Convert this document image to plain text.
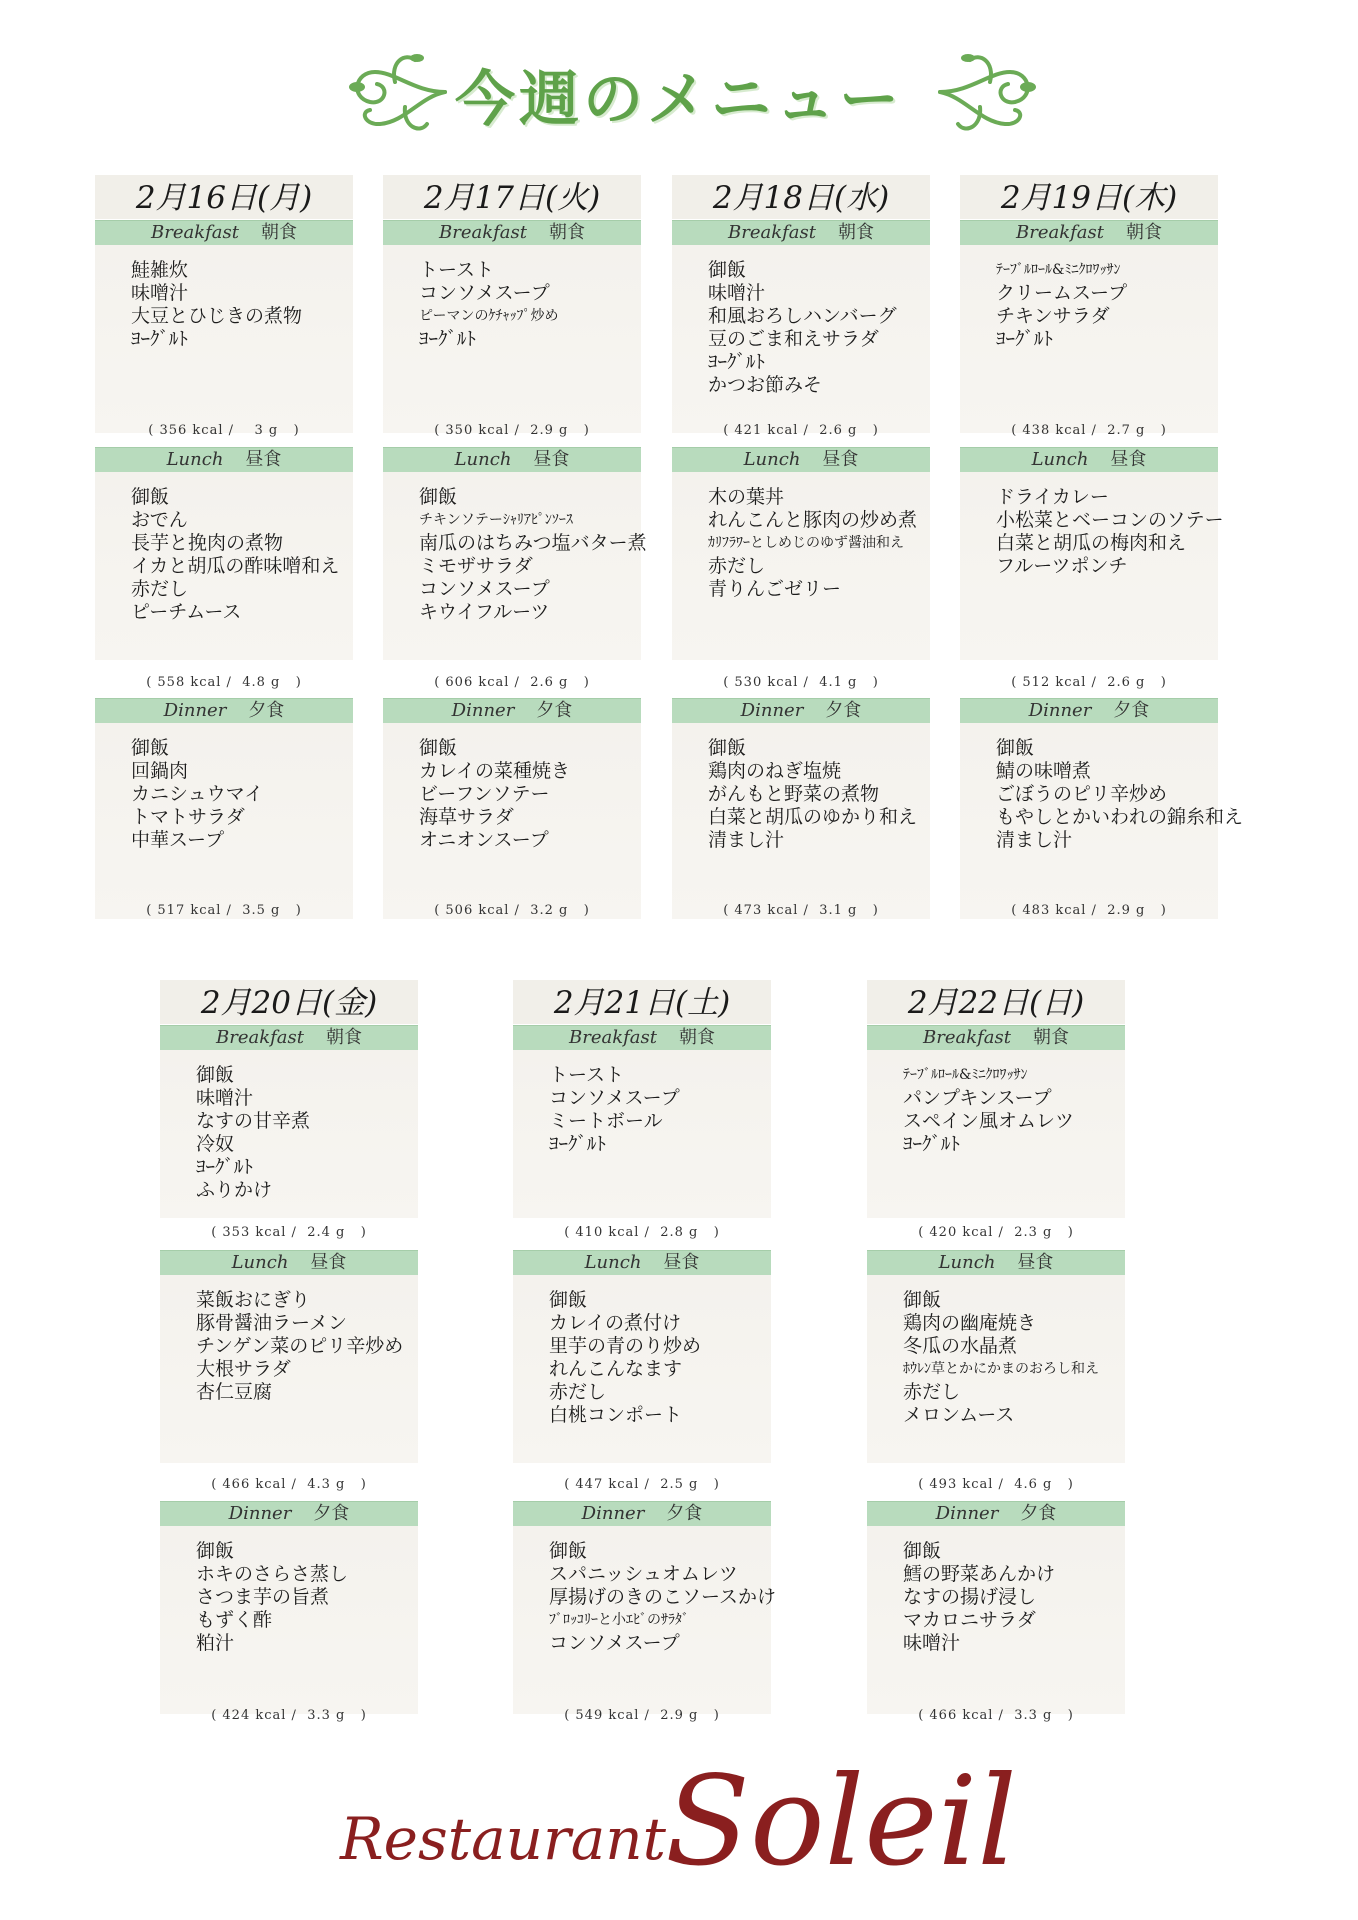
今週のメニュー
2月16日(月)
Breakfast 朝食
鮭雑炊
味噌汁
大豆とひじきの煮物
ﾖｰｸﾞﾙﾄ
( 356 kcal /    3 g   )
Lunch 昼食
御飯
おでん
長芋と挽肉の煮物
イカと胡瓜の酢味噌和え
赤だし
ピーチムース
( 558 kcal /  4.8 g   )
Dinner 夕食
御飯
回鍋肉
カニシュウマイ
トマトサラダ
中華スープ
( 517 kcal /  3.5 g   )
2月17日(火)
Breakfast 朝食
トースト
コンソメスープ
ピーマンのｹﾁｬｯﾌﾟ炒め
ﾖｰｸﾞﾙﾄ
( 350 kcal /  2.9 g   )
Lunch 昼食
御飯
チキンソテーｼｬﾘｱﾋﾟﾝｿｰｽ
南瓜のはちみつ塩バター煮
ミモザサラダ
コンソメスープ
キウイフルーツ
( 606 kcal /  2.6 g   )
Dinner 夕食
御飯
カレイの菜種焼き
ビーフンソテー
海草サラダ
オニオンスープ
( 506 kcal /  3.2 g   )
2月18日(水)
Breakfast 朝食
御飯
味噌汁
和風おろしハンバーグ
豆のごま和えサラダ
ﾖｰｸﾞﾙﾄ
かつお節みそ
( 421 kcal /  2.6 g   )
Lunch 昼食
木の葉丼
れんこんと豚肉の炒め煮
ｶﾘﾌﾗﾜｰとしめじのゆず醤油和え
赤だし
青りんごゼリー
( 530 kcal /  4.1 g   )
Dinner 夕食
御飯
鶏肉のねぎ塩焼
がんもと野菜の煮物
白菜と胡瓜のゆかり和え
清まし汁
( 473 kcal /  3.1 g   )
2月19日(木)
Breakfast 朝食
ﾃｰﾌﾞﾙﾛｰﾙ&ﾐﾆｸﾛﾜｯｻﾝ
クリームスープ
チキンサラダ
ﾖｰｸﾞﾙﾄ
( 438 kcal /  2.7 g   )
Lunch 昼食
ドライカレー
小松菜とベーコンのソテー
白菜と胡瓜の梅肉和え
フルーツポンチ
( 512 kcal /  2.6 g   )
Dinner 夕食
御飯
鯖の味噌煮
ごぼうのピリ辛炒め
もやしとかいわれの錦糸和え
清まし汁
( 483 kcal /  2.9 g   )
2月20日(金)
Breakfast 朝食
御飯
味噌汁
なすの甘辛煮
冷奴
ﾖｰｸﾞﾙﾄ
ふりかけ
( 353 kcal /  2.4 g   )
Lunch 昼食
菜飯おにぎり
豚骨醤油ラーメン
チンゲン菜のピリ辛炒め
大根サラダ
杏仁豆腐
( 466 kcal /  4.3 g   )
Dinner 夕食
御飯
ホキのさらさ蒸し
さつま芋の旨煮
もずく酢
粕汁
( 424 kcal /  3.3 g   )
2月21日(土)
Breakfast 朝食
トースト
コンソメスープ
ミートボール
ﾖｰｸﾞﾙﾄ
( 410 kcal /  2.8 g   )
Lunch 昼食
御飯
カレイの煮付け
里芋の青のり炒め
れんこんなます
赤だし
白桃コンポート
( 447 kcal /  2.5 g   )
Dinner 夕食
御飯
スパニッシュオムレツ
厚揚げのきのこソースかけ
ﾌﾞﾛｯｺﾘｰと小ｴﾋﾞのｻﾗﾀﾞ
コンソメスープ
( 549 kcal /  2.9 g   )
2月22日(日)
Breakfast 朝食
ﾃｰﾌﾞﾙﾛｰﾙ&ﾐﾆｸﾛﾜｯｻﾝ
パンプキンスープ
スペイン風オムレツ
ﾖｰｸﾞﾙﾄ
( 420 kcal /  2.3 g   )
Lunch 昼食
御飯
鶏肉の幽庵焼き
冬瓜の水晶煮
ﾎｳﾚﾝ草とかにかまのおろし和え
赤だし
メロンムース
( 493 kcal /  4.6 g   )
Dinner 夕食
御飯
鱈の野菜あんかけ
なすの揚げ浸し
マカロニサラダ
味噌汁
( 466 kcal /  3.3 g   )
Restaurant Soleil
